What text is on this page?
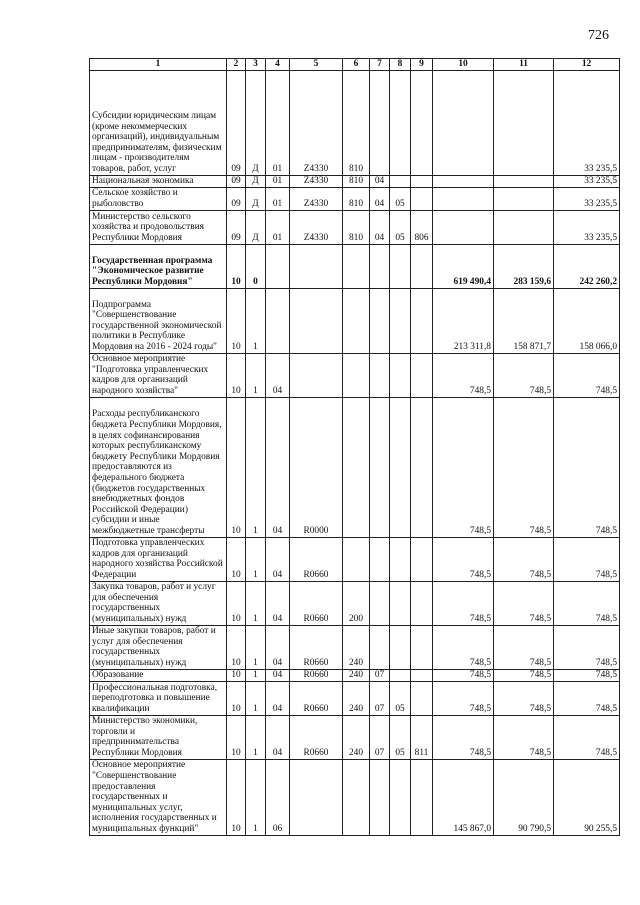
726
1	2	3	4	5	6	7	8	9	10	11	12
Субсидии юридическим лицам (кроме некоммерческих организаций), индивидуальным предпринимателям, физическим лицам - производителям товаров, работ, услуг	09	Д	01	Z4330	810						33 235,5
Национальная экономика	09	Д	01	Z4330	810	04					33 235,5
Сельское хозяйство и рыболовство	09	Д	01	Z4330	810	04	05				33 235,5
Министерство сельского хозяйства и продовольствия Республики Мордовия	09	Д	01	Z4330	810	04	05	806			33 235,5
Государственная программа "Экономическое развитие Республики Мордовия"	10	0							619 490,4	283 159,6	242 260,2
Подпрограмма "Совершенствование государственной экономической политики в Республике Мордовия на 2016 - 2024 годы"	10	1							213 311,8	158 871,7	158 066,0
Основное мероприятие "Подготовка управленческих кадров для организаций народного хозяйства"	10	1	04						748,5	748,5	748,5
Расходы республиканского бюджета Республики Мордовия, в целях софинансирования которых республиканскому бюджету Республики Мордовия предоставляются из федерального бюджета (бюджетов государственных внебюджетных фондов Российской Федерации) субсидии и иные межбюджетные трансферты	10	1	04	R0000					748,5	748,5	748,5
Подготовка управленческих кадров для организаций народного хозяйства Российской Федерации	10	1	04	R0660					748,5	748,5	748,5
Закупка товаров, работ и услуг для обеспечения государственных (муниципальных) нужд	10	1	04	R0660	200				748,5	748,5	748,5
Иные закупки товаров, работ и услуг для обеспечения государственных (муниципальных) нужд	10	1	04	R0660	240				748,5	748,5	748,5
Образование	10	1	04	R0660	240	07			748,5	748,5	748,5
Профессиональная подготовка, переподготовка и повышение квалификации	10	1	04	R0660	240	07	05		748,5	748,5	748,5
Министерство экономики, торговли и предпринимательства Республики Мордовия	10	1	04	R0660	240	07	05	811	748,5	748,5	748,5
Основное мероприятие "Совершенствование предоставления государственных и муниципальных услуг, исполнения государственных и муниципальных функций"	10	1	06						145 867,0	90 790,5	90 255,5
